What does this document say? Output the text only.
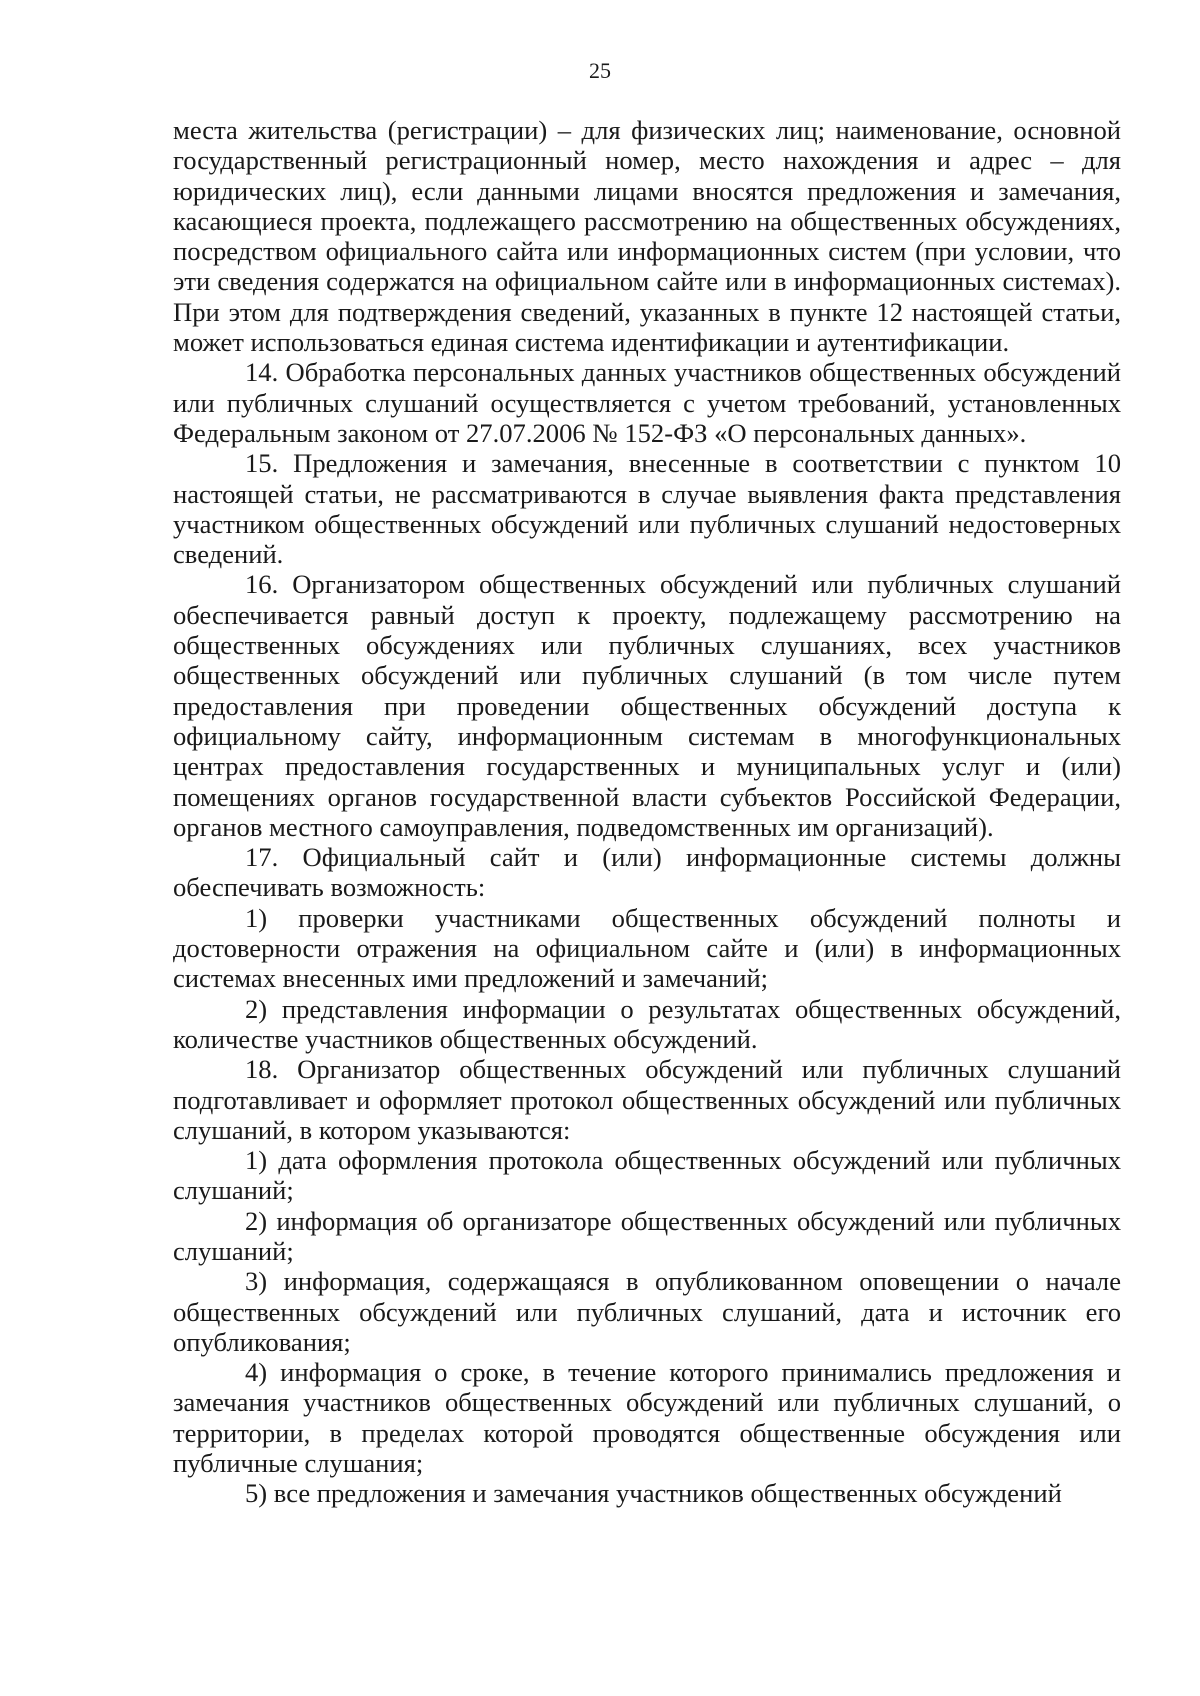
25

места жительства (регистрации) – для физических лиц; наименование, основной государственный регистрационный номер, место нахождения и адрес – для юридических лиц), если данными лицами вносятся предложения и замечания, касающиеся проекта, подлежащего рассмотрению на общественных обсуждениях, посредством официального сайта или информационных систем (при условии, что эти сведения содержатся на официальном сайте или в информационных системах). При этом для подтверждения сведений, указанных в пункте 12 настоящей статьи, может использоваться единая система идентификации и аутентификации.

14. Обработка персональных данных участников общественных обсуждений или публичных слушаний осуществляется с учетом требований, установленных Федеральным законом от 27.07.2006 № 152-ФЗ «О персональных данных».

15. Предложения и замечания, внесенные в соответствии с пунктом 10 настоящей статьи, не рассматриваются в случае выявления факта представления участником общественных обсуждений или публичных слушаний недостоверных сведений.

16. Организатором общественных обсуждений или публичных слушаний обеспечивается равный доступ к проекту, подлежащему рассмотрению на общественных обсуждениях или публичных слушаниях, всех участников общественных обсуждений или публичных слушаний (в том числе путем предоставления при проведении общественных обсуждений доступа к официальному сайту, информационным системам в многофункциональных центрах предоставления государственных и муниципальных услуг и (или) помещениях органов государственной власти субъектов Российской Федерации, органов местного самоуправления, подведомственных им организаций).

17. Официальный сайт и (или) информационные системы должны обеспечивать возможность:

1) проверки участниками общественных обсуждений полноты и достоверности отражения на официальном сайте и (или) в информационных системах внесенных ими предложений и замечаний;

2) представления информации о результатах общественных обсуждений, количестве участников общественных обсуждений.

18. Организатор общественных обсуждений или публичных слушаний подготавливает и оформляет протокол общественных обсуждений или публичных слушаний, в котором указываются:

1) дата оформления протокола общественных обсуждений или публичных слушаний;

2) информация об организаторе общественных обсуждений или публичных слушаний;

3) информация, содержащаяся в опубликованном оповещении о начале общественных обсуждений или публичных слушаний, дата и источник его опубликования;

4) информация о сроке, в течение которого принимались предложения и замечания участников общественных обсуждений или публичных слушаний, о территории, в пределах которой проводятся общественные обсуждения или публичные слушания;

5) все предложения и замечания участников общественных обсуждений
